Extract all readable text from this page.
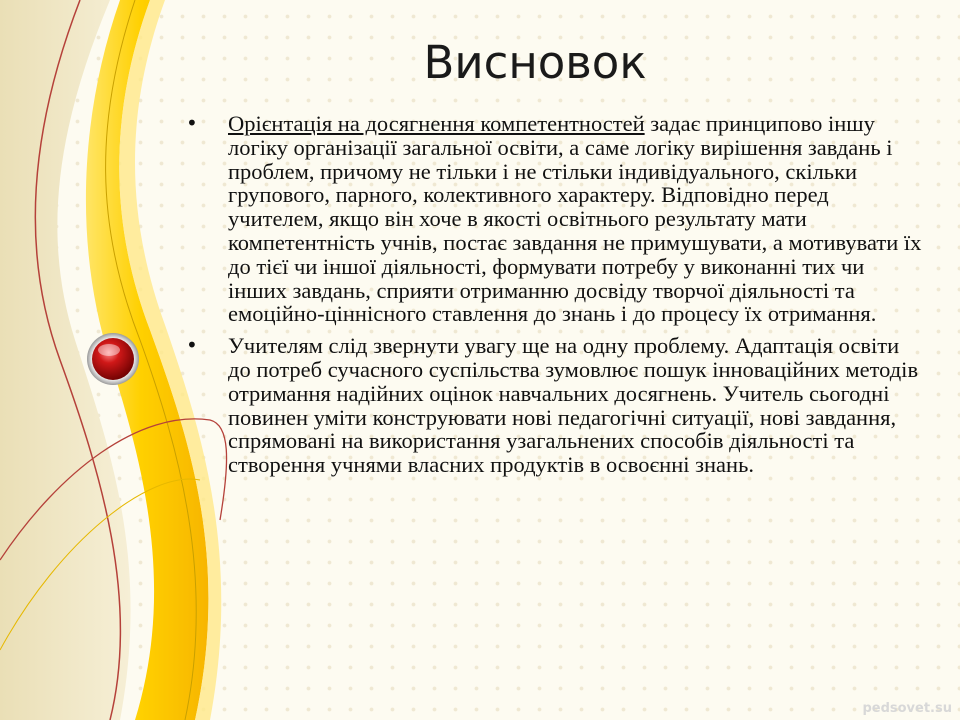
Висновок
• Орієнтація на досягнення компетентностей задає принципово іншу логіку організації загальної освіти, а саме логіку вирішення завдань і проблем, причому не тільки і не стільки індивідуального, скільки групового, парного, колективного характеру. Відповідно перед учителем, якщо він хоче в якості освітнього результату мати компетентність учнів, постає завдання не примушувати, а мотивувати їх до тієї чи іншої діяльності, формувати потребу у виконанні тих чи інших завдань, сприяти отриманню досвіду творчої діяльності та емоційно-ціннісного ставлення до знань і до процесу їх отримання.
• Учителям слід звернути увагу ще на одну проблему. Адаптація освіти до потреб сучасного суспільства зумовлює пошук інноваційних методів отримання надійних оцінок навчальних досягнень. Учитель сьогодні повинен уміти конструювати нові педагогічні ситуації, нові завдання, спрямовані на використання узагальнених способів діяльності та створення учнями власних продуктів в освоєнні знань.
pedsovet.su
